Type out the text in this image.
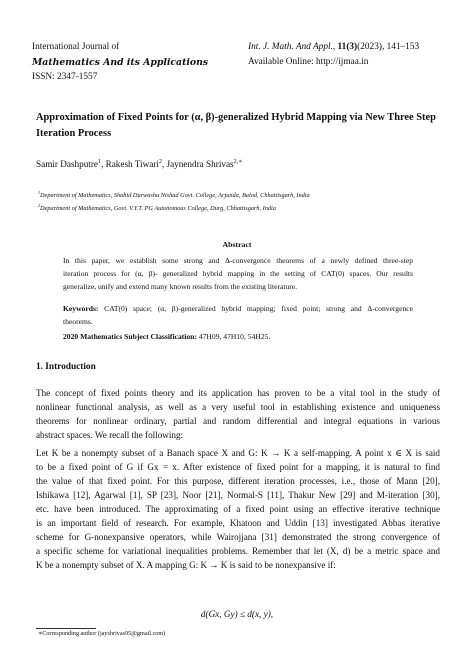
International Journal of
Mathematics And its Applications
ISSN: 2347-1557
Int. J. Math. And Appl., 11(3)(2023), 141–153
Available Online: http://ijmaa.in
Approximation of Fixed Points for (α, β)-generalized Hybrid Mapping via New Three Step Iteration Process
Samir Dashputre$^1$, Rakesh Tiwari$^2$, Jaynendra Shrivas$^{2,∗}$
$^1$Department of Mathematics, Shahid Durwasha Nishad Govt. College, Arjunda, Balod, Chhattisgarh, India
$^2$Department of Mathematics, Govt. V.Y.T. PG Autonomous College, Durg, Chhattisgarh, India
Abstract
In this paper, we establish some strong and Δ-convergence theorems of a newly defined three-step
iteration process for (α, β)- generalized hybrid mapping in the setting of CAT(0) spaces. Our results
generalize, unify and extend many known results from the existing literature.
Keywords: CAT(0) space; (α, β)-generalized hybrid mapping; fixed point; strong and Δ-convergence
theorems.
2020 Mathematics Subject Classification: 47H09, 47H10, 54H25.
1. Introduction
The concept of fixed points theory and its application has proven to be a vital tool in the study of
nonlinear functional analysis, as well as a very useful tool in establishing existence and uniqueness
theorems for nonlinear ordinary, partial and random differential and integral equations in various
abstract spaces. We recall the following:
Let K be a nonempty subset of a Banach space X and G: K → K a self-mapping. A point x ∈ X is said
to be a fixed point of G if Gx = x. After existence of fixed point for a mapping, it is natural to find
the value of that fixed point. For this purpose, different iteration processes, i.e., those of Mann [20],
Ishikawa [12], Agarwal [1], SP [23], Noor [21], Normal-S [11], Thakur New [29] and M-iteration [30],
etc. have been introduced. The approximating of a fixed point using an effective iterative technique
is an important field of research. For example, Khatoon and Uddin [13] investigated Abbas iterative
scheme for G-nonexpansive operators, while Wairojjana [31] demonstrated the strong convergence of
a specific scheme for variational inequalities problems. Remember that let (X, d) be a metric space and
K be a nonempty subset of X. A mapping G: K → K is said to be nonexpansive if:
d(Gx, Gy) ≤ d(x, y),
∗Corresponding author (jayshrivas95@gmail.com)
